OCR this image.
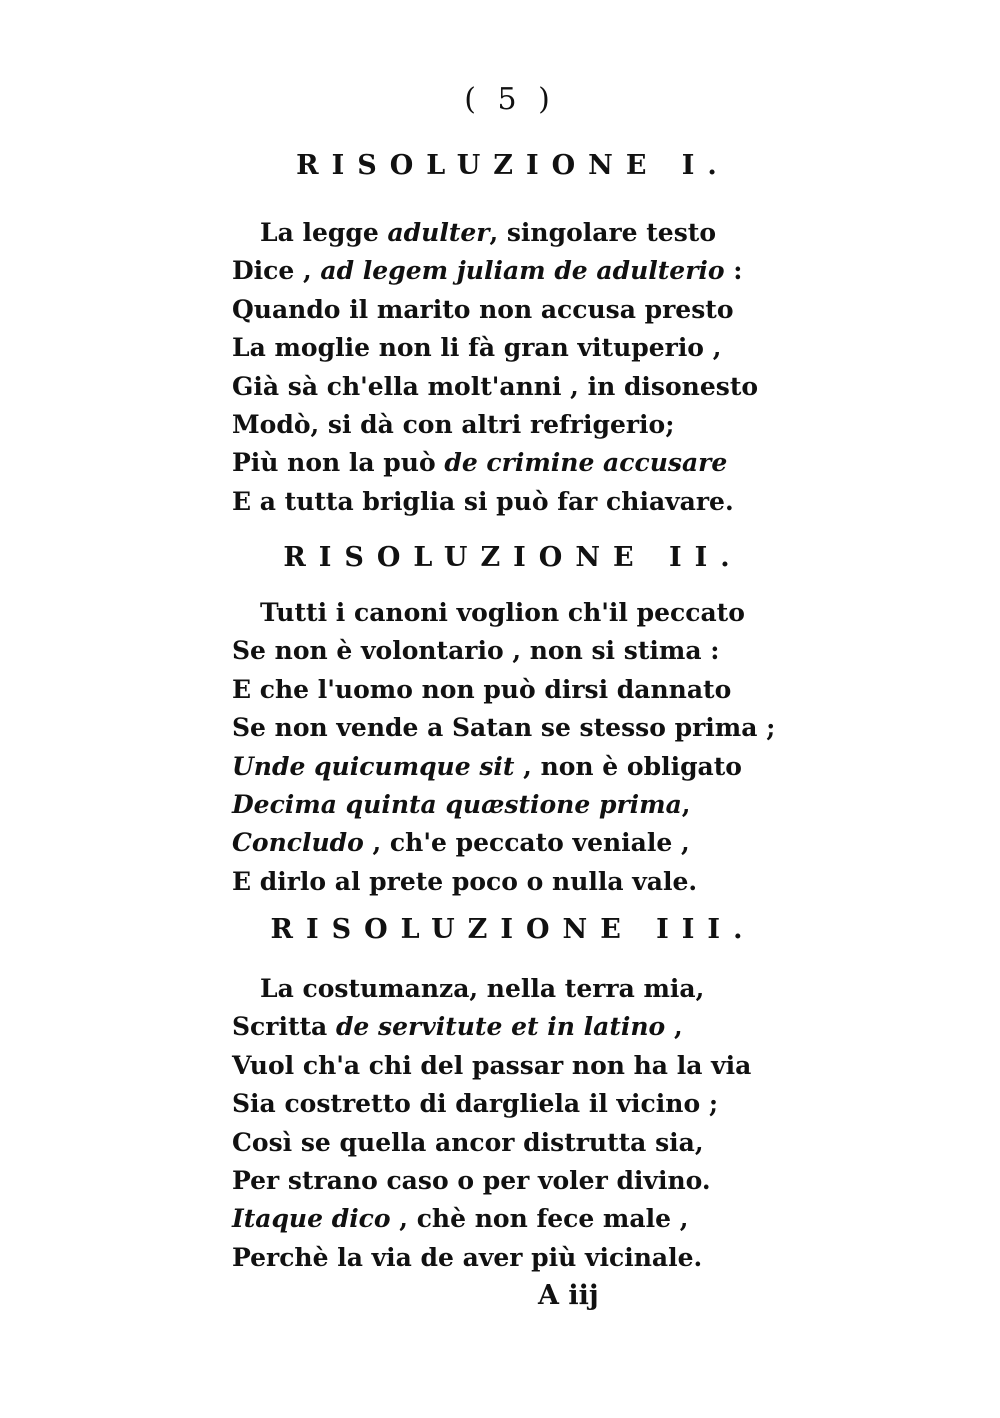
( 5 )
RISOLUZIONE I.
La legge adulter, singolare testo
Dice , ad legem juliam de adulterio :
Quando il marito non accusa presto
La moglie non li fà gran vituperio ,
Già sà ch'ella molt'anni , in disonesto
Modò, si dà con altri refrigerio;
Più non la può de crimine accusare
E a tutta briglia si può far chiavare.
RISOLUZIONE II.
Tutti i canoni voglion ch'il peccato
Se non è volontario , non si stima :
E che l'uomo non può dirsi dannato
Se non vende a Satan se stesso prima ;
Unde quicumque sit , non è obligato
Decima quinta quæstione prima,
Concludo , ch'e peccato veniale ,
E dirlo al prete poco o nulla vale.
RISOLUZIONE III.
La costumanza, nella terra mia,
Scritta de servitute et in latino ,
Vuol ch'a chi del passar non ha la via
Sia costretto di dargliela il vicino ;
Così se quella ancor distrutta sia,
Per strano caso o per voler divino.
Itaque dico , chè non fece male ,
Perchè la via de aver più vicinale.
A iij
